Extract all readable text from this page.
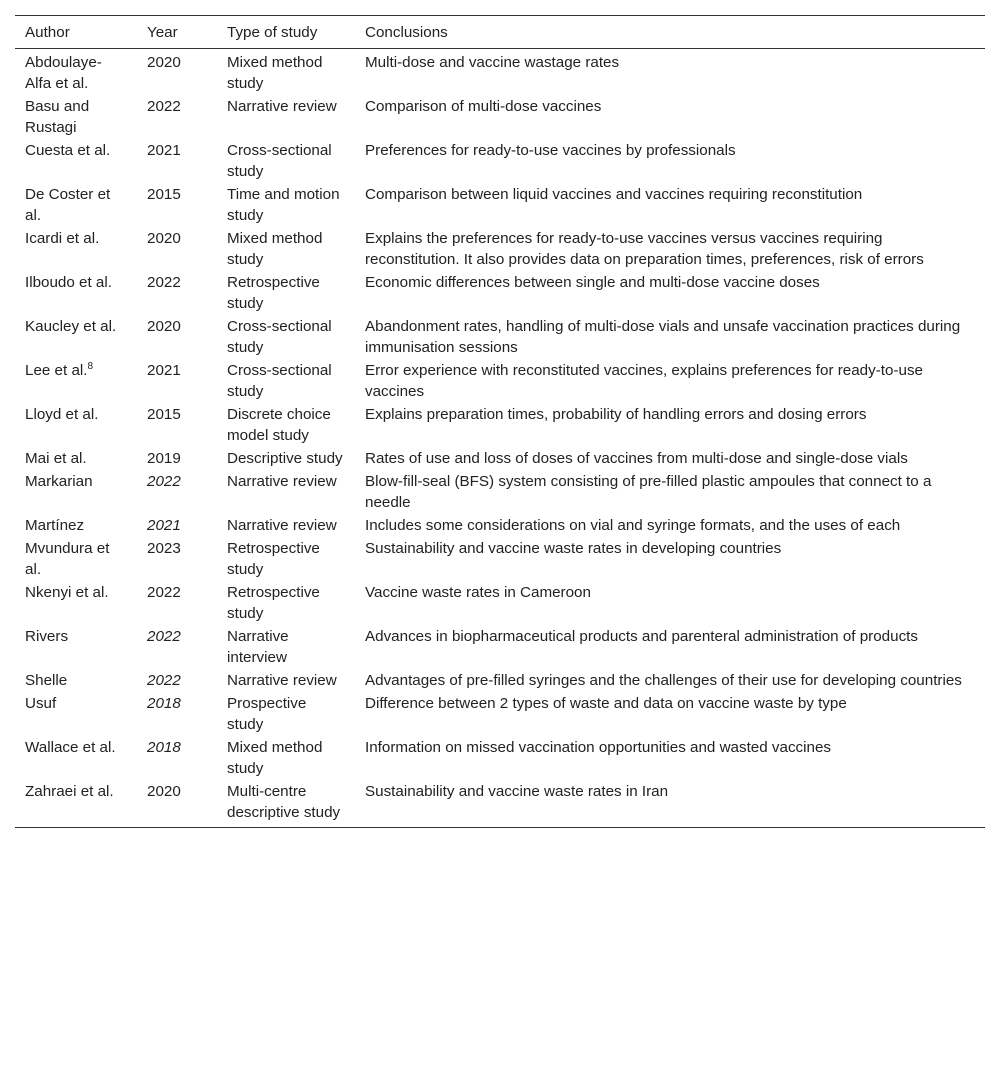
Author	Year	Type of study	Conclusions
Abdoulaye-Alfa et al.	2020	Mixed method study	Multi-dose and vaccine wastage rates
Basu and Rustagi	2022	Narrative review	Comparison of multi-dose vaccines
Cuesta et al.	2021	Cross-sectional study	Preferences for ready-to-use vaccines by professionals
De Coster et al.	2015	Time and motion study	Comparison between liquid vaccines and vaccines requiring reconstitution
Icardi et al.	2020	Mixed method study	Explains the preferences for ready-to-use vaccines versus vaccines requiring reconstitution. It also provides data on preparation times, preferences, risk of errors
Ilboudo et al.	2022	Retrospective study	Economic differences between single and multi-dose vaccine doses
Kaucley et al.	2020	Cross-sectional study	Abandonment rates, handling of multi-dose vials and unsafe vaccination practices during immunisation sessions
Lee et al.$^8$	2021	Cross-sectional study	Error experience with reconstituted vaccines, explains preferences for ready-to-use vaccines
Lloyd et al.	2015	Discrete choice model study	Explains preparation times, probability of handling errors and dosing errors
Mai et al.	2019	Descriptive study	Rates of use and loss of doses of vaccines from multi-dose and single-dose vials
Markarian	2022	Narrative review	Blow-fill-seal (BFS) system consisting of pre-filled plastic ampoules that connect to a needle
Martínez	2021	Narrative review	Includes some considerations on vial and syringe formats, and the uses of each
Mvundura et al.	2023	Retrospective study	Sustainability and vaccine waste rates in developing countries
Nkenyi et al.	2022	Retrospective study	Vaccine waste rates in Cameroon
Rivers	2022	Narrative interview	Advances in biopharmaceutical products and parenteral administration of products
Shelle	2022	Narrative review	Advantages of pre-filled syringes and the challenges of their use for developing countries
Usuf	2018	Prospective study	Difference between 2 types of waste and data on vaccine waste by type
Wallace et al.	2018	Mixed method study	Information on missed vaccination opportunities and wasted vaccines
Zahraei et al.	2020	Multi-centre descriptive study	Sustainability and vaccine waste rates in Iran
